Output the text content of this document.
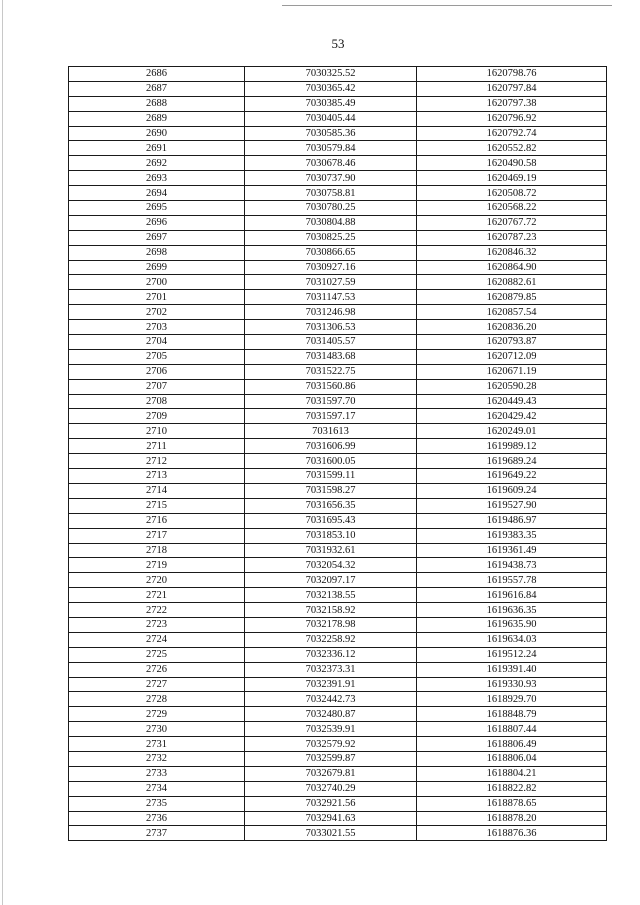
53
2686	7030325.52	1620798.76
2687	7030365.42	1620797.84
2688	7030385.49	1620797.38
2689	7030405.44	1620796.92
2690	7030585.36	1620792.74
2691	7030579.84	1620552.82
2692	7030678.46	1620490.58
2693	7030737.90	1620469.19
2694	7030758.81	1620508.72
2695	7030780.25	1620568.22
2696	7030804.88	1620767.72
2697	7030825.25	1620787.23
2698	7030866.65	1620846.32
2699	7030927.16	1620864.90
2700	7031027.59	1620882.61
2701	7031147.53	1620879.85
2702	7031246.98	1620857.54
2703	7031306.53	1620836.20
2704	7031405.57	1620793.87
2705	7031483.68	1620712.09
2706	7031522.75	1620671.19
2707	7031560.86	1620590.28
2708	7031597.70	1620449.43
2709	7031597.17	1620429.42
2710	7031613	1620249.01
2711	7031606.99	1619989.12
2712	7031600.05	1619689.24
2713	7031599.11	1619649.22
2714	7031598.27	1619609.24
2715	7031656.35	1619527.90
2716	7031695.43	1619486.97
2717	7031853.10	1619383.35
2718	7031932.61	1619361.49
2719	7032054.32	1619438.73
2720	7032097.17	1619557.78
2721	7032138.55	1619616.84
2722	7032158.92	1619636.35
2723	7032178.98	1619635.90
2724	7032258.92	1619634.03
2725	7032336.12	1619512.24
2726	7032373.31	1619391.40
2727	7032391.91	1619330.93
2728	7032442.73	1618929.70
2729	7032480.87	1618848.79
2730	7032539.91	1618807.44
2731	7032579.92	1618806.49
2732	7032599.87	1618806.04
2733	7032679.81	1618804.21
2734	7032740.29	1618822.82
2735	7032921.56	1618878.65
2736	7032941.63	1618878.20
2737	7033021.55	1618876.36
